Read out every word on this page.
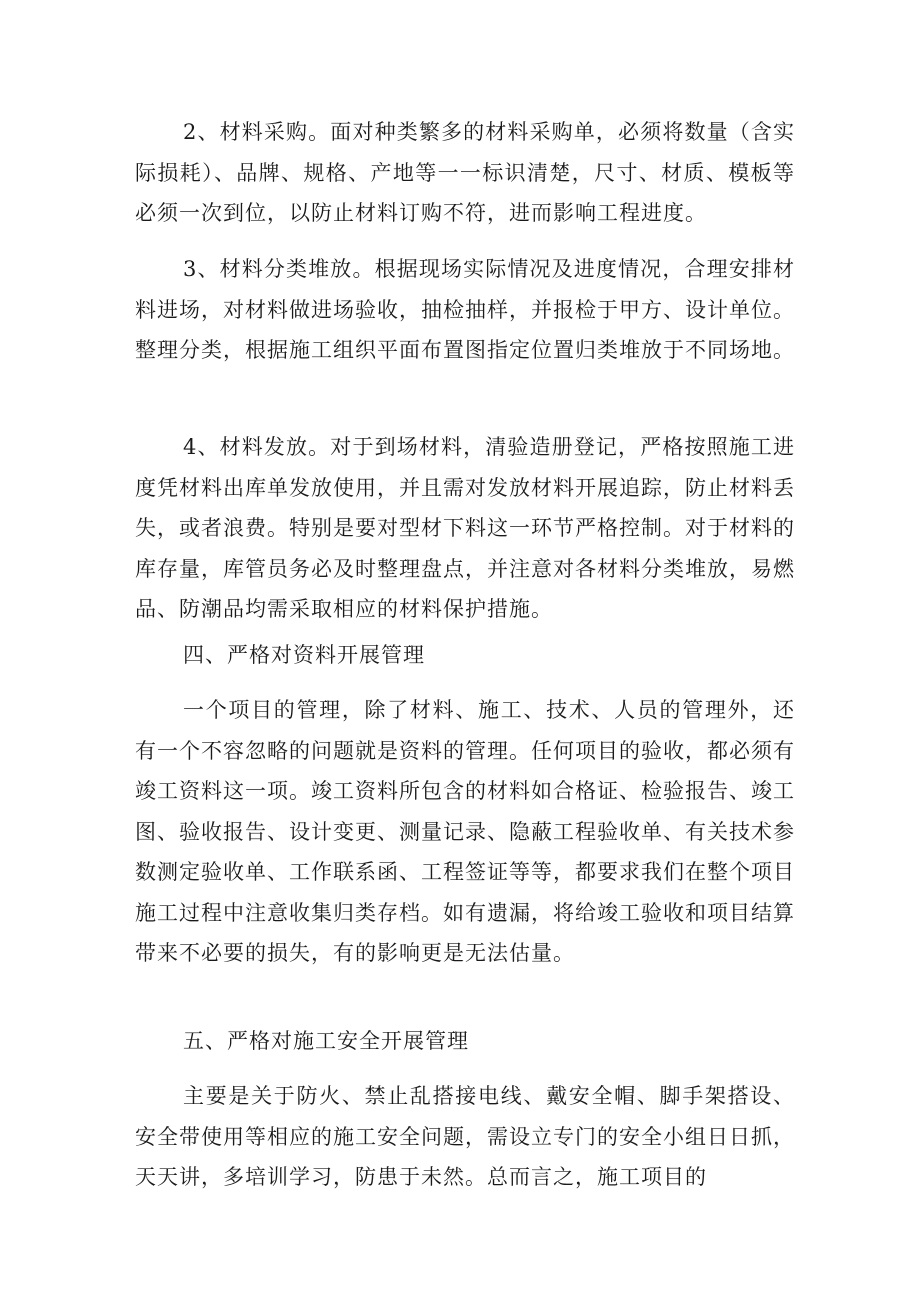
2、材料采购。面对种类繁多的材料采购单，必须将数量（含实际损耗）、品牌、规格、产地等一一标识清楚，尺寸、材质、模板等必须一次到位，以防止材料订购不符，进而影响工程进度。

3、材料分类堆放。根据现场实际情况及进度情况，合理安排材料进场，对材料做进场验收，抽检抽样，并报检于甲方、设计单位。整理分类，根据施工组织平面布置图指定位置归类堆放于不同场地。

4、材料发放。对于到场材料，清验造册登记，严格按照施工进度凭材料出库单发放使用，并且需对发放材料开展追踪，防止材料丢失，或者浪费。特别是要对型材下料这一环节严格控制。对于材料的库存量，库管员务必及时整理盘点，并注意对各材料分类堆放，易燃品、防潮品均需采取相应的材料保护措施。

四、严格对资料开展管理

一个项目的管理，除了材料、施工、技术、人员的管理外，还有一个不容忽略的问题就是资料的管理。任何项目的验收，都必须有竣工资料这一项。竣工资料所包含的材料如合格证、检验报告、竣工图、验收报告、设计变更、测量记录、隐蔽工程验收单、有关技术参数测定验收单、工作联系函、工程签证等等，都要求我们在整个项目施工过程中注意收集归类存档。如有遗漏，将给竣工验收和项目结算带来不必要的损失，有的影响更是无法估量。

五、严格对施工安全开展管理

主要是关于防火、禁止乱搭接电线、戴安全帽、脚手架搭设、安全带使用等相应的施工安全问题，需设立专门的安全小组日日抓，天天讲，多培训学习，防患于未然。总而言之，施工项目的
